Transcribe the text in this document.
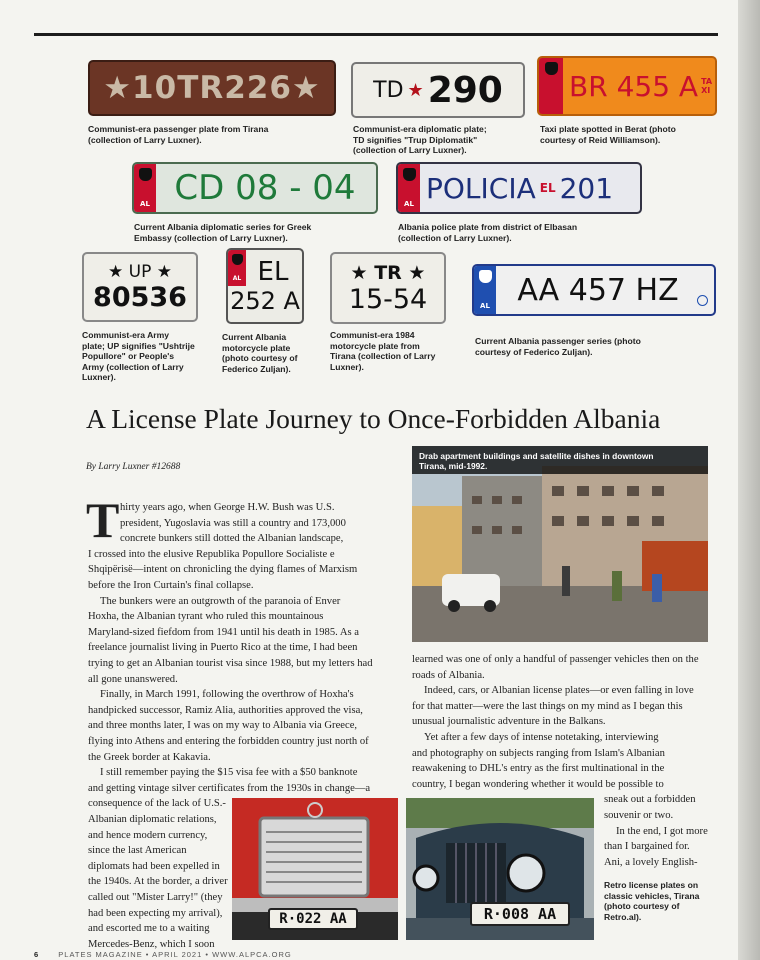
★10TR226★
Communist-era passenger plate from Tirana
(collection of Larry Luxner).
TD ★ 290
Communist-era diplomatic plate;
TD signifies "Trup Diplomatik"
(collection of Larry Luxner).
BR 455 A TA XI
Taxi plate spotted in Berat (photo
courtesy of Reid Williamson).
AL CD 08 - 04
Current Albania diplomatic series for Greek
Embassy (collection of Larry Luxner).
AL POLICIA EL 201
Albania police plate from district of Elbasan
(collection of Larry Luxner).
★ UP ★
80536
Communist-era Army
plate; UP signifies "Ushtrije
Popullore" or People's
Army (collection of Larry
Luxner).
AL EL
252 A
Current Albania
motorcycle plate
(photo courtesy of
Federico Zuljan).
★ TR ★
15-54
Communist-era 1984
motorcycle plate from
Tirana (collection of Larry
Luxner).
AL AA 457 HZ
Current Albania passenger series (photo
courtesy of Federico Zuljan).
A License Plate Journey to Once-Forbidden Albania
By Larry Luxner #12688
T hirty years ago, when George H.W. Bush was U.S.
president, Yugoslavia was still a country and 173,000
concrete bunkers still dotted the Albanian landscape,
I crossed into the elusive Republika Popullore Socialiste e
Shqipërisë—intent on chronicling the dying flames of Marxism
before the Iron Curtain's final collapse.
The bunkers were an outgrowth of the paranoia of Enver
Hoxha, the Albanian tyrant who ruled this mountainous
Maryland-sized fiefdom from 1941 until his death in 1985. As a
freelance journalist living in Puerto Rico at the time, I had been
trying to get an Albanian tourist visa since 1988, but my letters had
all gone unanswered.
Finally, in March 1991, following the overthrow of Hoxha's
handpicked successor, Ramiz Alia, authorities approved the visa,
and three months later, I was on my way to Albania via Greece,
flying into Athens and entering the forbidden country just north of
the Greek border at Kakavia.
I still remember paying the $15 visa fee with a $50 banknote
and getting vintage silver certificates from the 1930s in change—a
consequence of the lack of U.S.-
Albanian diplomatic relations,
and hence modern currency,
since the last American
diplomats had been expelled in
the 1940s. At the border, a driver
called out "Mister Larry!" (they
had been expecting my arrival),
and escorted me to a waiting
Mercedes-Benz, which I soon
Drab apartment buildings and satellite dishes in downtown
Tirana, mid-1992.
learned was one of only a handful of passenger vehicles then on the
roads of Albania.
Indeed, cars, or Albanian license plates—or even falling in love
for that matter—were the last things on my mind as I began this
unusual journalistic adventure in the Balkans.
Yet after a few days of intense notetaking, interviewing
and photography on subjects ranging from Islam's Albanian
reawakening to DHL's entry as the first multinational in the
country, I began wondering whether it would be possible to
sneak out a forbidden
souvenir or two.
In the end, I got more
than I bargained for.
Ani, a lovely English-
R·022 AA	R·008 AA
Retro license plates on
classic vehicles, Tirana
(photo courtesy of
Retro.al).
6	PLATES MAGAZINE • APRIL 2021 • WWW.ALPCA.ORG
